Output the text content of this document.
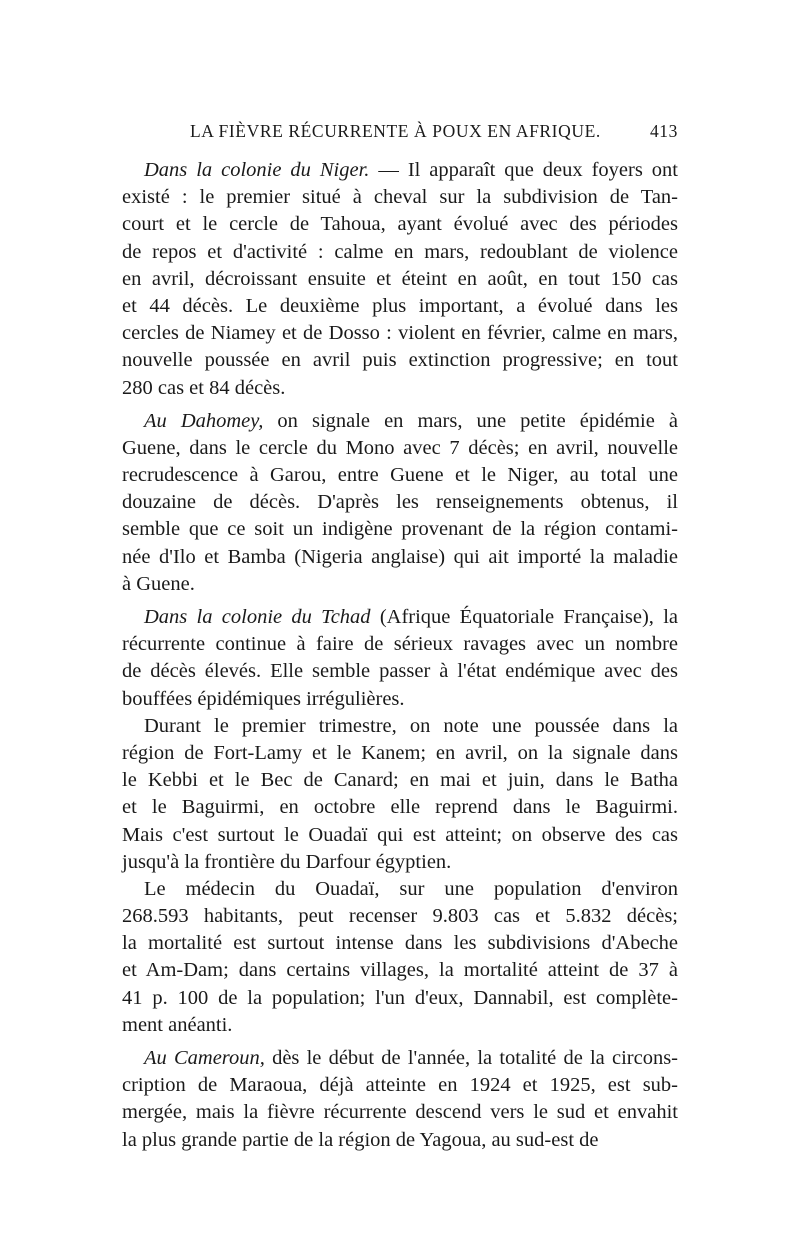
LA FIÈVRE RÉCURRENTE À POUX EN AFRIQUE.	413
Dans la colonie du Niger. — Il apparaît que deux foyers ont
existé : le premier situé à cheval sur la subdivision de Tan-
court et le cercle de Tahoua, ayant évolué avec des périodes
de repos et d'activité : calme en mars, redoublant de violence
en avril, décroissant ensuite et éteint en août, en tout 150 cas
et 44 décès. Le deuxième plus important, a évolué dans les
cercles de Niamey et de Dosso : violent en février, calme en mars,
nouvelle poussée en avril puis extinction progressive; en tout
280 cas et 84 décès.
Au Dahomey, on signale en mars, une petite épidémie à
Guene, dans le cercle du Mono avec 7 décès; en avril, nouvelle
recrudescence à Garou, entre Guene et le Niger, au total une
douzaine de décès. D'après les renseignements obtenus, il
semble que ce soit un indigène provenant de la région contami-
née d'Ilo et Bamba (Nigeria anglaise) qui ait importé la maladie
à Guene.
Dans la colonie du Tchad (Afrique Équatoriale Française), la
récurrente continue à faire de sérieux ravages avec un nombre
de décès élevés. Elle semble passer à l'état endémique avec des
bouffées épidémiques irrégulières.
Durant le premier trimestre, on note une poussée dans la
région de Fort-Lamy et le Kanem; en avril, on la signale dans
le Kebbi et le Bec de Canard; en mai et juin, dans le Batha
et le Baguirmi, en octobre elle reprend dans le Baguirmi.
Mais c'est surtout le Ouadaï qui est atteint; on observe des cas
jusqu'à la frontière du Darfour égyptien.
Le médecin du Ouadaï, sur une population d'environ
268.593 habitants, peut recenser 9.803 cas et 5.832 décès;
la mortalité est surtout intense dans les subdivisions d'Abeche
et Am-Dam; dans certains villages, la mortalité atteint de 37 à
41 p. 100 de la population; l'un d'eux, Dannabil, est complète-
ment anéanti.
Au Cameroun, dès le début de l'année, la totalité de la circons-
cription de Maraoua, déjà atteinte en 1924 et 1925, est sub-
mergée, mais la fièvre récurrente descend vers le sud et envahit
la plus grande partie de la région de Yagoua, au sud-est de
